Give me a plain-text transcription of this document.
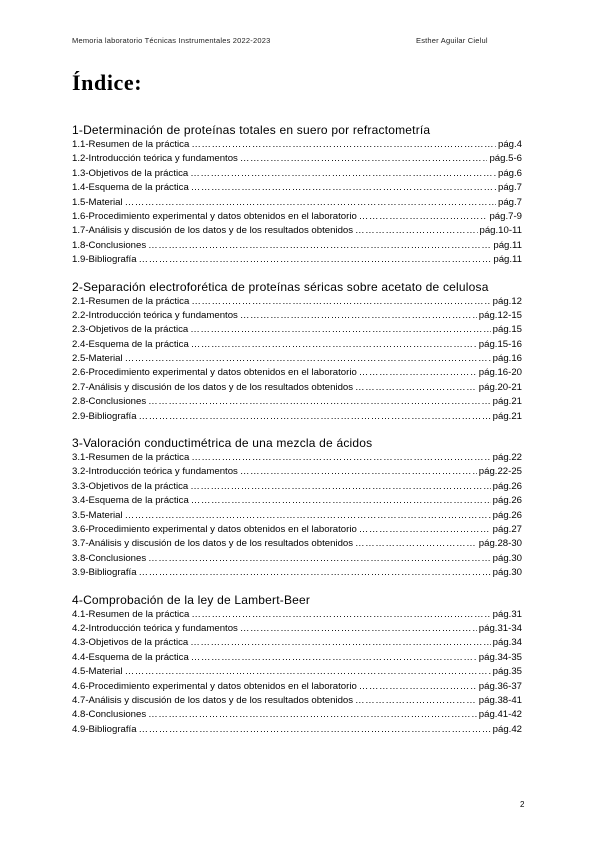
Memoria laboratorio Técnicas Instrumentales 2022-2023	Esther Aguilar Cielul
Índice:
1-Determinación de proteínas totales en suero por refractometría
1.1-Resumen de la práctica …………………………………………………………………………………………………………………………………………………………	pág.4
1.2-Introducción teórica y fundamentos …………………………………………………………………………………………………………………………………………………………	pág.5-6
1.3-Objetivos de la práctica …………………………………………………………………………………………………………………………………………………………	pág.6
1.4-Esquema de la práctica …………………………………………………………………………………………………………………………………………………………	pág.7
1.5-Material …………………………………………………………………………………………………………………………………………………………	pág.7
1.6-Procedimiento experimental y datos obtenidos en el laboratorio …………………………………………………………………………………………………………………………………………………………	pág.7-9
1.7-Análisis y discusión de los datos y de los resultados obtenidos …………………………………………………………………………………………………………………………………………………………	pág.10-11
1.8-Conclusiones …………………………………………………………………………………………………………………………………………………………	pág.11
1.9-Bibliografía …………………………………………………………………………………………………………………………………………………………	pág.11
2-Separación electroforética de proteínas séricas sobre acetato de celulosa
2.1-Resumen de la práctica …………………………………………………………………………………………………………………………………………………………	pág.12
2.2-Introducción teórica y fundamentos …………………………………………………………………………………………………………………………………………………………	pág.12-15
2.3-Objetivos de la práctica …………………………………………………………………………………………………………………………………………………………	pág.15
2.4-Esquema de la práctica …………………………………………………………………………………………………………………………………………………………	pág.15-16
2.5-Material …………………………………………………………………………………………………………………………………………………………	pág.16
2.6-Procedimiento experimental y datos obtenidos en el laboratorio …………………………………………………………………………………………………………………………………………………………	pág.16-20
2.7-Análisis y discusión de los datos y de los resultados obtenidos …………………………………………………………………………………………………………………………………………………………	pág.20-21
2.8-Conclusiones …………………………………………………………………………………………………………………………………………………………	pág.21
2.9-Bibliografía …………………………………………………………………………………………………………………………………………………………	pág.21
3-Valoración conductimétrica de una mezcla de ácidos
3.1-Resumen de la práctica …………………………………………………………………………………………………………………………………………………………	pág.22
3.2-Introducción teórica y fundamentos …………………………………………………………………………………………………………………………………………………………	pág.22-25
3.3-Objetivos de la práctica …………………………………………………………………………………………………………………………………………………………	pág.26
3.4-Esquema de la práctica …………………………………………………………………………………………………………………………………………………………	pág.26
3.5-Material …………………………………………………………………………………………………………………………………………………………	pág.26
3.6-Procedimiento experimental y datos obtenidos en el laboratorio …………………………………………………………………………………………………………………………………………………………	pág.27
3.7-Análisis y discusión de los datos y de los resultados obtenidos …………………………………………………………………………………………………………………………………………………………	pág.28-30
3.8-Conclusiones …………………………………………………………………………………………………………………………………………………………	pág.30
3.9-Bibliografía …………………………………………………………………………………………………………………………………………………………	pág.30
4-Comprobación de la ley de Lambert-Beer
4.1-Resumen de la práctica …………………………………………………………………………………………………………………………………………………………	pág.31
4.2-Introducción teórica y fundamentos …………………………………………………………………………………………………………………………………………………………	pág.31-34
4.3-Objetivos de la práctica …………………………………………………………………………………………………………………………………………………………	pág.34
4.4-Esquema de la práctica …………………………………………………………………………………………………………………………………………………………	pág.34-35
4.5-Material …………………………………………………………………………………………………………………………………………………………	pág.35
4.6-Procedimiento experimental y datos obtenidos en el laboratorio …………………………………………………………………………………………………………………………………………………………	pág.36-37
4.7-Análisis y discusión de los datos y de los resultados obtenidos …………………………………………………………………………………………………………………………………………………………	pág.38-41
4.8-Conclusiones …………………………………………………………………………………………………………………………………………………………	pág.41-42
4.9-Bibliografía …………………………………………………………………………………………………………………………………………………………	pág.42
2
